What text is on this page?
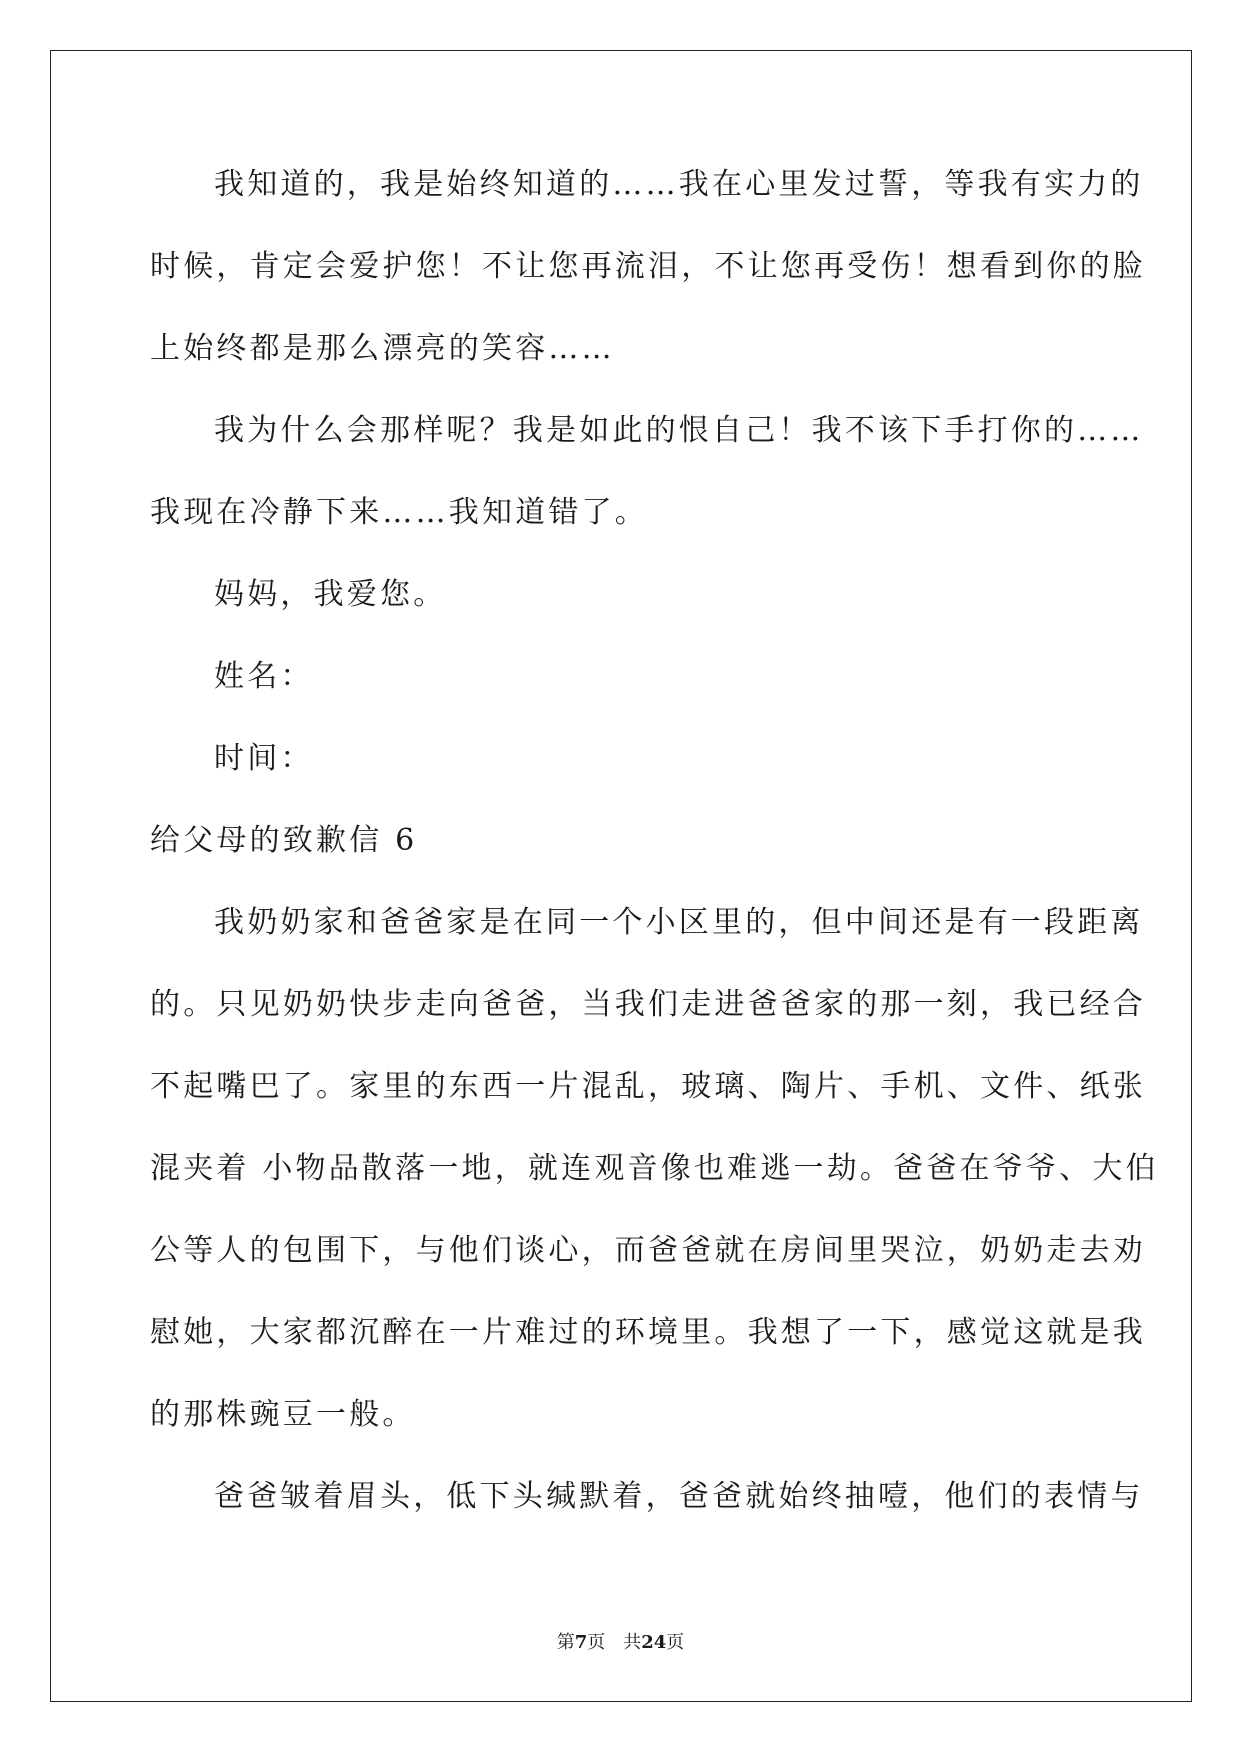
我知道的，我是始终知道的……我在心里发过誓，等我有实力的
时候，肯定会爱护您！不让您再流泪，不让您再受伤！想看到你的脸
上始终都是那么漂亮的笑容……
我为什么会那样呢？我是如此的恨自己！我不该下手打你的……
我现在冷静下来……我知道错了。
妈妈，我爱您。
姓名：
时间：
给父母的致歉信 6
我奶奶家和爸爸家是在同一个小区里的，但中间还是有一段距离
的。只见奶奶快步走向爸爸，当我们走进爸爸家的那一刻，我已经合
不起嘴巴了。家里的东西一片混乱，玻璃、陶片、手机、文件、纸张
混夹着 小物品散落一地，就连观音像也难逃一劫。爸爸在爷爷、大伯
公等人的包围下，与他们谈心，而爸爸就在房间里哭泣，奶奶走去劝
慰她，大家都沉醉在一片难过的环境里。我想了一下，感觉这就是我
的那株豌豆一般。
爸爸皱着眉头，低下头缄默着，爸爸就始终抽噎，他们的表情与
第7页 共24页
